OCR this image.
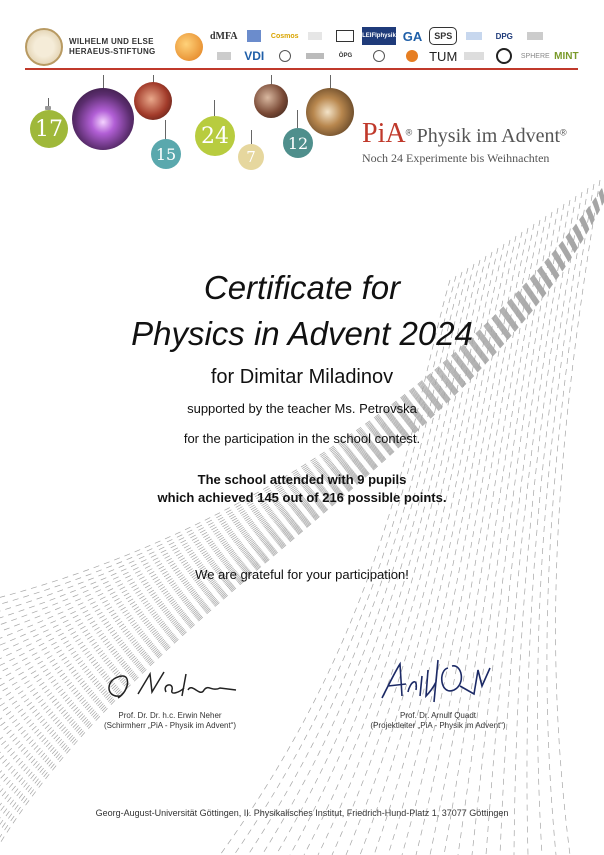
WILHELM UND ELSE HERAEUS-STIFTUNG
dMFA	Cosmos	LEIFIphysik GA	SPS	DPG
VDI	ÖPG	TUM	SPHERE MINT
17
15
24
7
12 PiA® Physik im Advent®
Noch 24 Experimente bis Weihnachten
Certificate for
Physics in Advent 2024
for Dimitar Miladinov
supported by the teacher Ms. Petrovska
for the participation in the school contest.
The school attended with 9 pupils
which achieved 145 out of 216 possible points.
We are grateful for your participation!
Prof. Dr. Dr. h.c. Erwin Neher
(Schirmherr „PiA - Physik im Advent“)
Prof. Dr. Arnulf Quadt
(Projektleiter „PiA - Physik im Advent“)
Georg-August-Universität Göttingen, II. Physikalisches Institut, Friedrich-Hund-Platz 1, 37077 Göttingen
